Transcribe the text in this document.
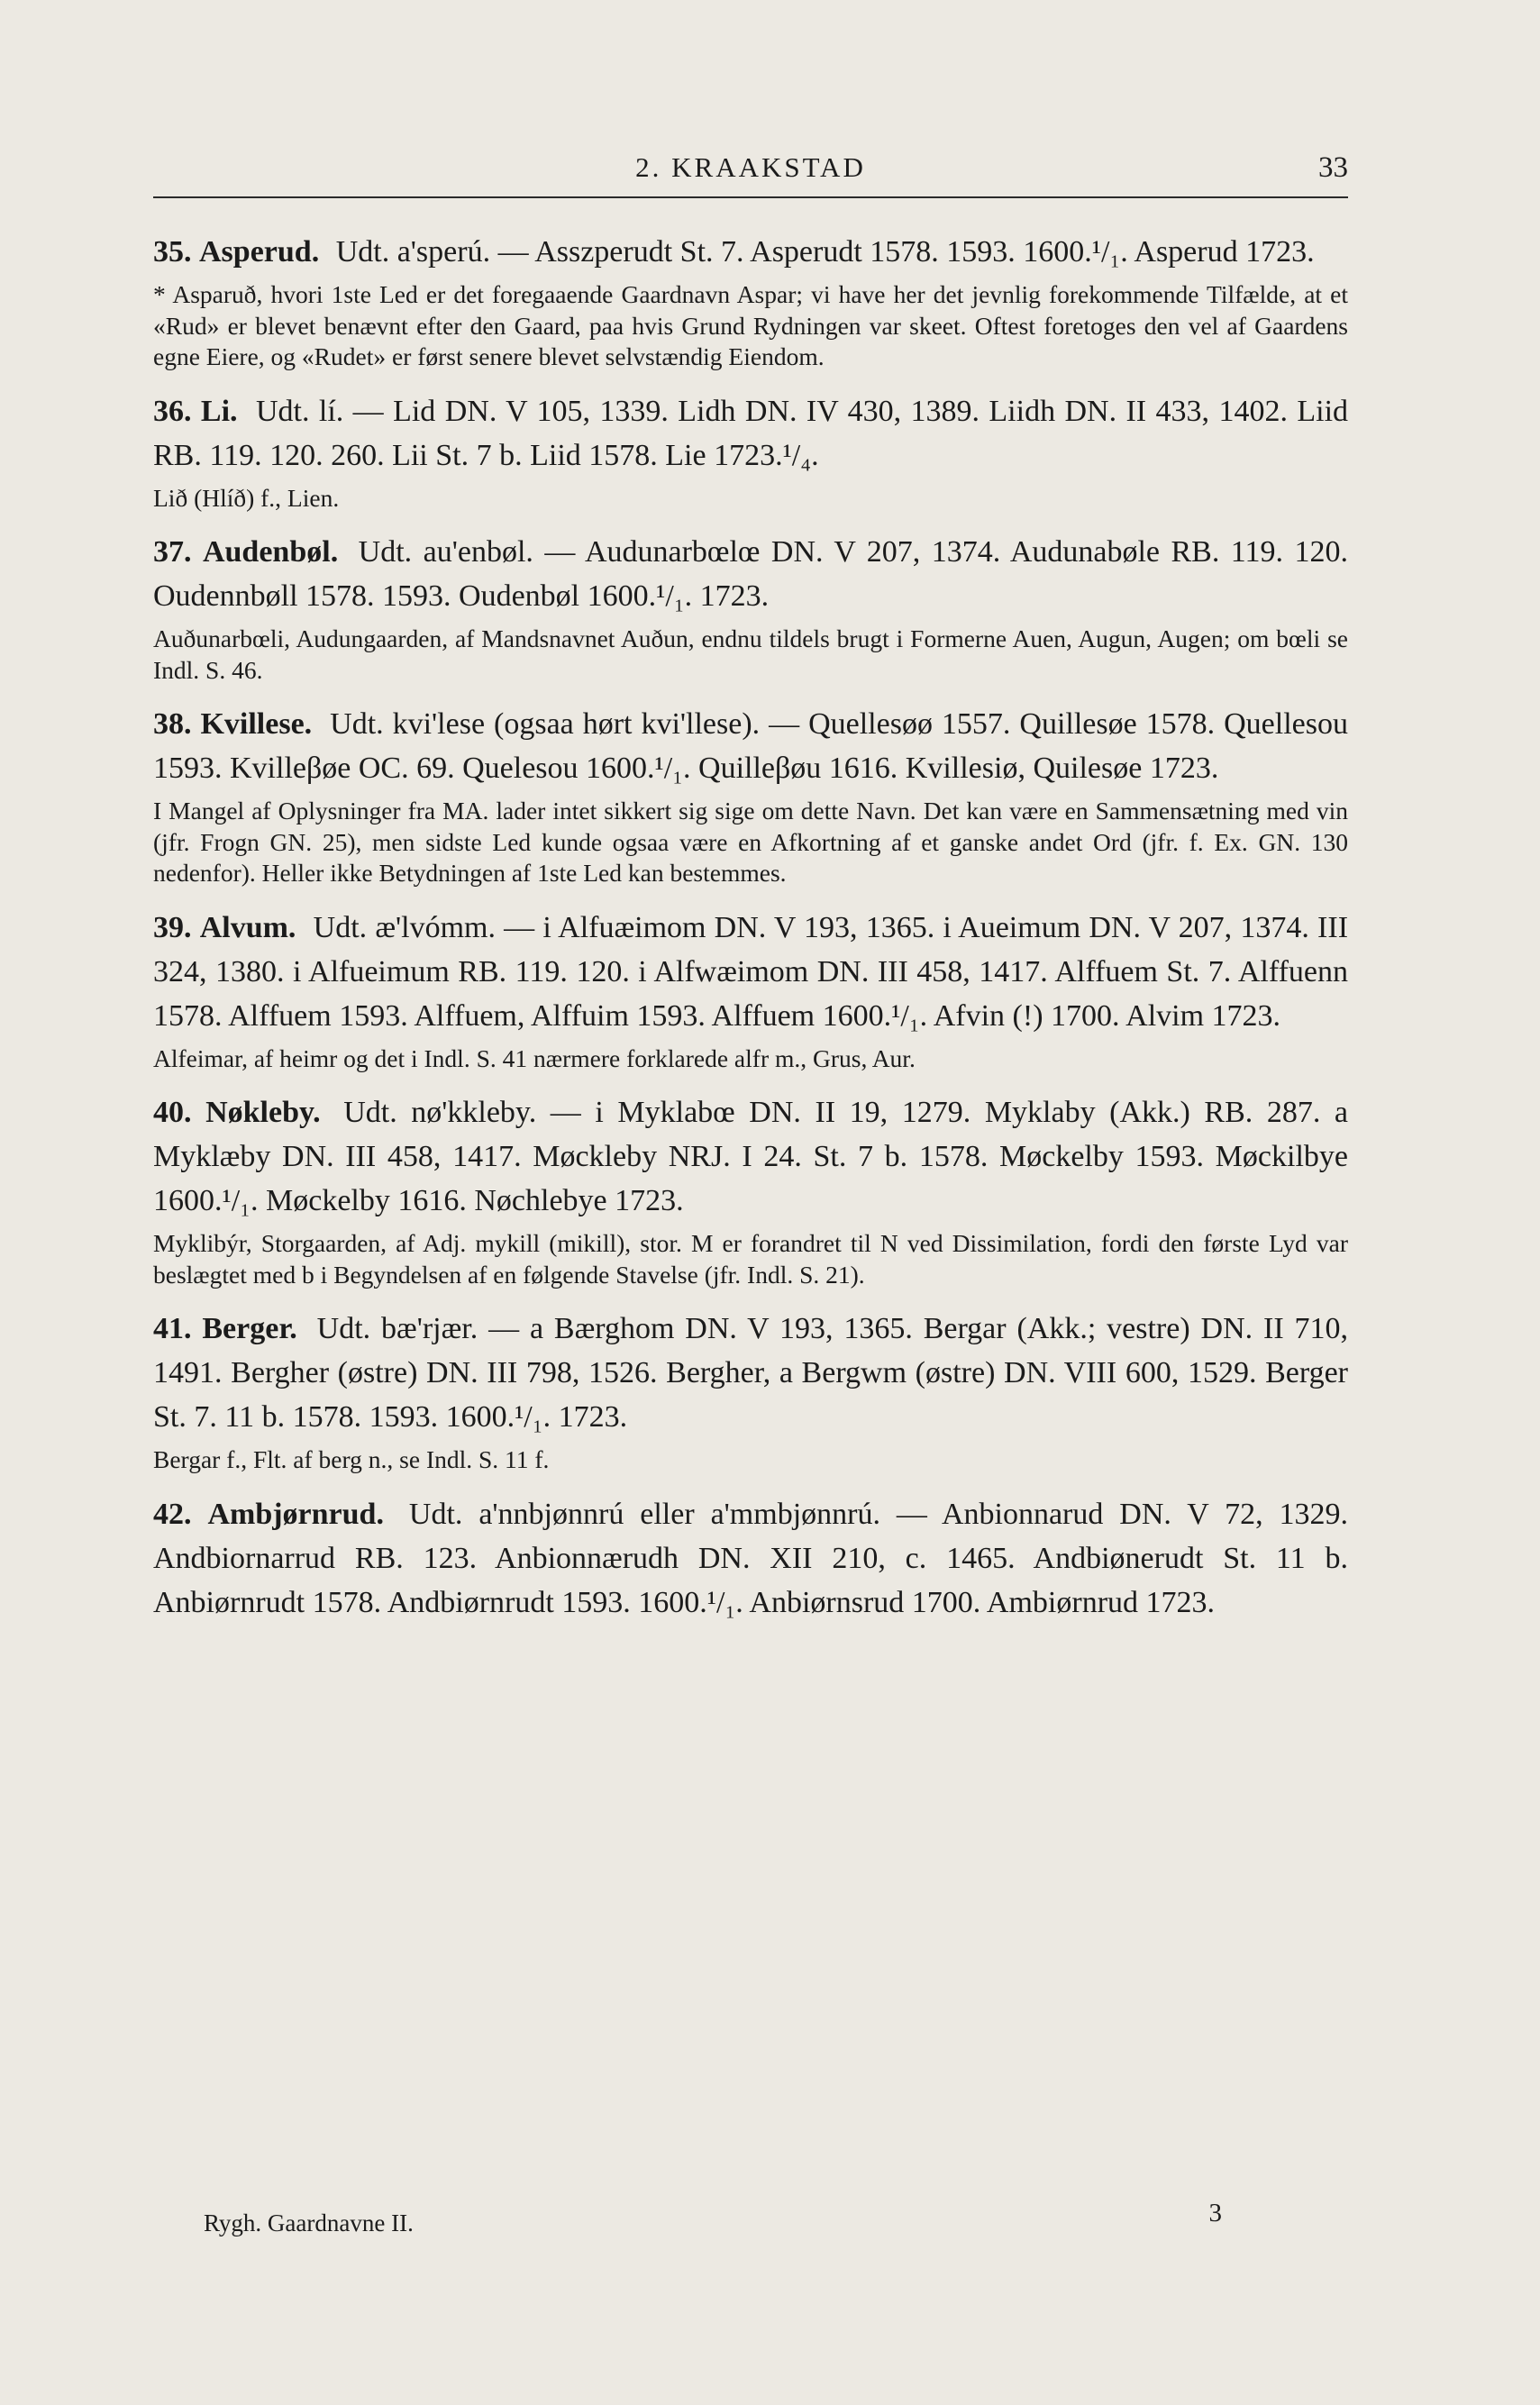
2. KRAAKSTAD	33

35. Asperud. Udt. a'sperú. — Asszperudt St. 7. Asperudt 1578. 1593. 1600.¹/₁. Asperud 1723.

* Asparuð, hvori 1ste Led er det foregaaende Gaardnavn Aspar; vi have her det jevnlig forekommende Tilfælde, at et «Rud» er blevet benævnt efter den Gaard, paa hvis Grund Rydningen var skeet. Oftest foretoges den vel af Gaardens egne Eiere, og «Rudet» er først senere blevet selvstændig Eiendom.

36. Li. Udt. lí. — Lid DN. V 105, 1339. Lidh DN. IV 430, 1389. Liidh DN. II 433, 1402. Liid RB. 119. 120. 260. Lii St. 7 b. Liid 1578. Lie 1723.¹/₄.

Lið (Hlíð) f., Lien.

37. Audenbøl. Udt. au'enbøl. — Audunarbœlœ DN. V 207, 1374. Audunabøle RB. 119. 120. Oudennbøll 1578. 1593. Oudenbøl 1600.¹/₁. 1723.

Auðunarbœli, Audungaarden, af Mandsnavnet Auðun, endnu tildels brugt i Formerne Auen, Augun, Augen; om bœli se Indl. S. 46.

38. Kvillese. Udt. kvi'lese (ogsaa hørt kvi'llese). — Quellesøø 1557. Quillesøe 1578. Quellesou 1593. Kvilleβøe OC. 69. Quelesou 1600.¹/₁. Quilleβøu 1616. Kvillesiø, Quilesøe 1723.

I Mangel af Oplysninger fra MA. lader intet sikkert sig sige om dette Navn. Det kan være en Sammensætning med vin (jfr. Frogn GN. 25), men sidste Led kunde ogsaa være en Afkortning af et ganske andet Ord (jfr. f. Ex. GN. 130 nedenfor). Heller ikke Betydningen af 1ste Led kan bestemmes.

39. Alvum. Udt. æ'lvómm. — i Alfuæimom DN. V 193, 1365. i Aueimum DN. V 207, 1374. III 324, 1380. i Alfueimum RB. 119. 120. i Alfwæimom DN. III 458, 1417. Alffuem St. 7. Alffuenn 1578. Alffuem 1593. Alffuem, Alffuim 1593. Alffuem 1600.¹/₁. Afvin (!) 1700. Alvim 1723.

Alfeimar, af heimr og det i Indl. S. 41 nærmere forklarede alfr m., Grus, Aur.

40. Nøkleby. Udt. nø'kkleby. — i Myklabœ DN. II 19, 1279. Myklaby (Akk.) RB. 287. a Myklæby DN. III 458, 1417. Møckleby NRJ. I 24. St. 7 b. 1578. Møckelby 1593. Møckilbye 1600.¹/₁. Møckelby 1616. Nøchlebye 1723.

Myklibýr, Storgaarden, af Adj. mykill (mikill), stor. M er forandret til N ved Dissimilation, fordi den første Lyd var beslægtet med b i Begyndelsen af en følgende Stavelse (jfr. Indl. S. 21).

41. Berger. Udt. bæ'rjær. — a Bærghom DN. V 193, 1365. Bergar (Akk.; vestre) DN. II 710, 1491. Bergher (østre) DN. III 798, 1526. Bergher, a Bergwm (østre) DN. VIII 600, 1529. Berger St. 7. 11 b. 1578. 1593. 1600.¹/₁. 1723.

Bergar f., Flt. af berg n., se Indl. S. 11 f.

42. Ambjørnrud. Udt. a'nnbjønnrú eller a'mmbjønnrú. — Anbionnarud DN. V 72, 1329. Andbiornarrud RB. 123. Anbionnærudh DN. XII 210, c. 1465. Andbiønerudt St. 11 b. Anbiørnrudt 1578. Andbiørnrudt 1593. 1600.¹/₁. Anbiørnsrud 1700. Ambiørnrud 1723.

Rygh. Gaardnavne II.	3
